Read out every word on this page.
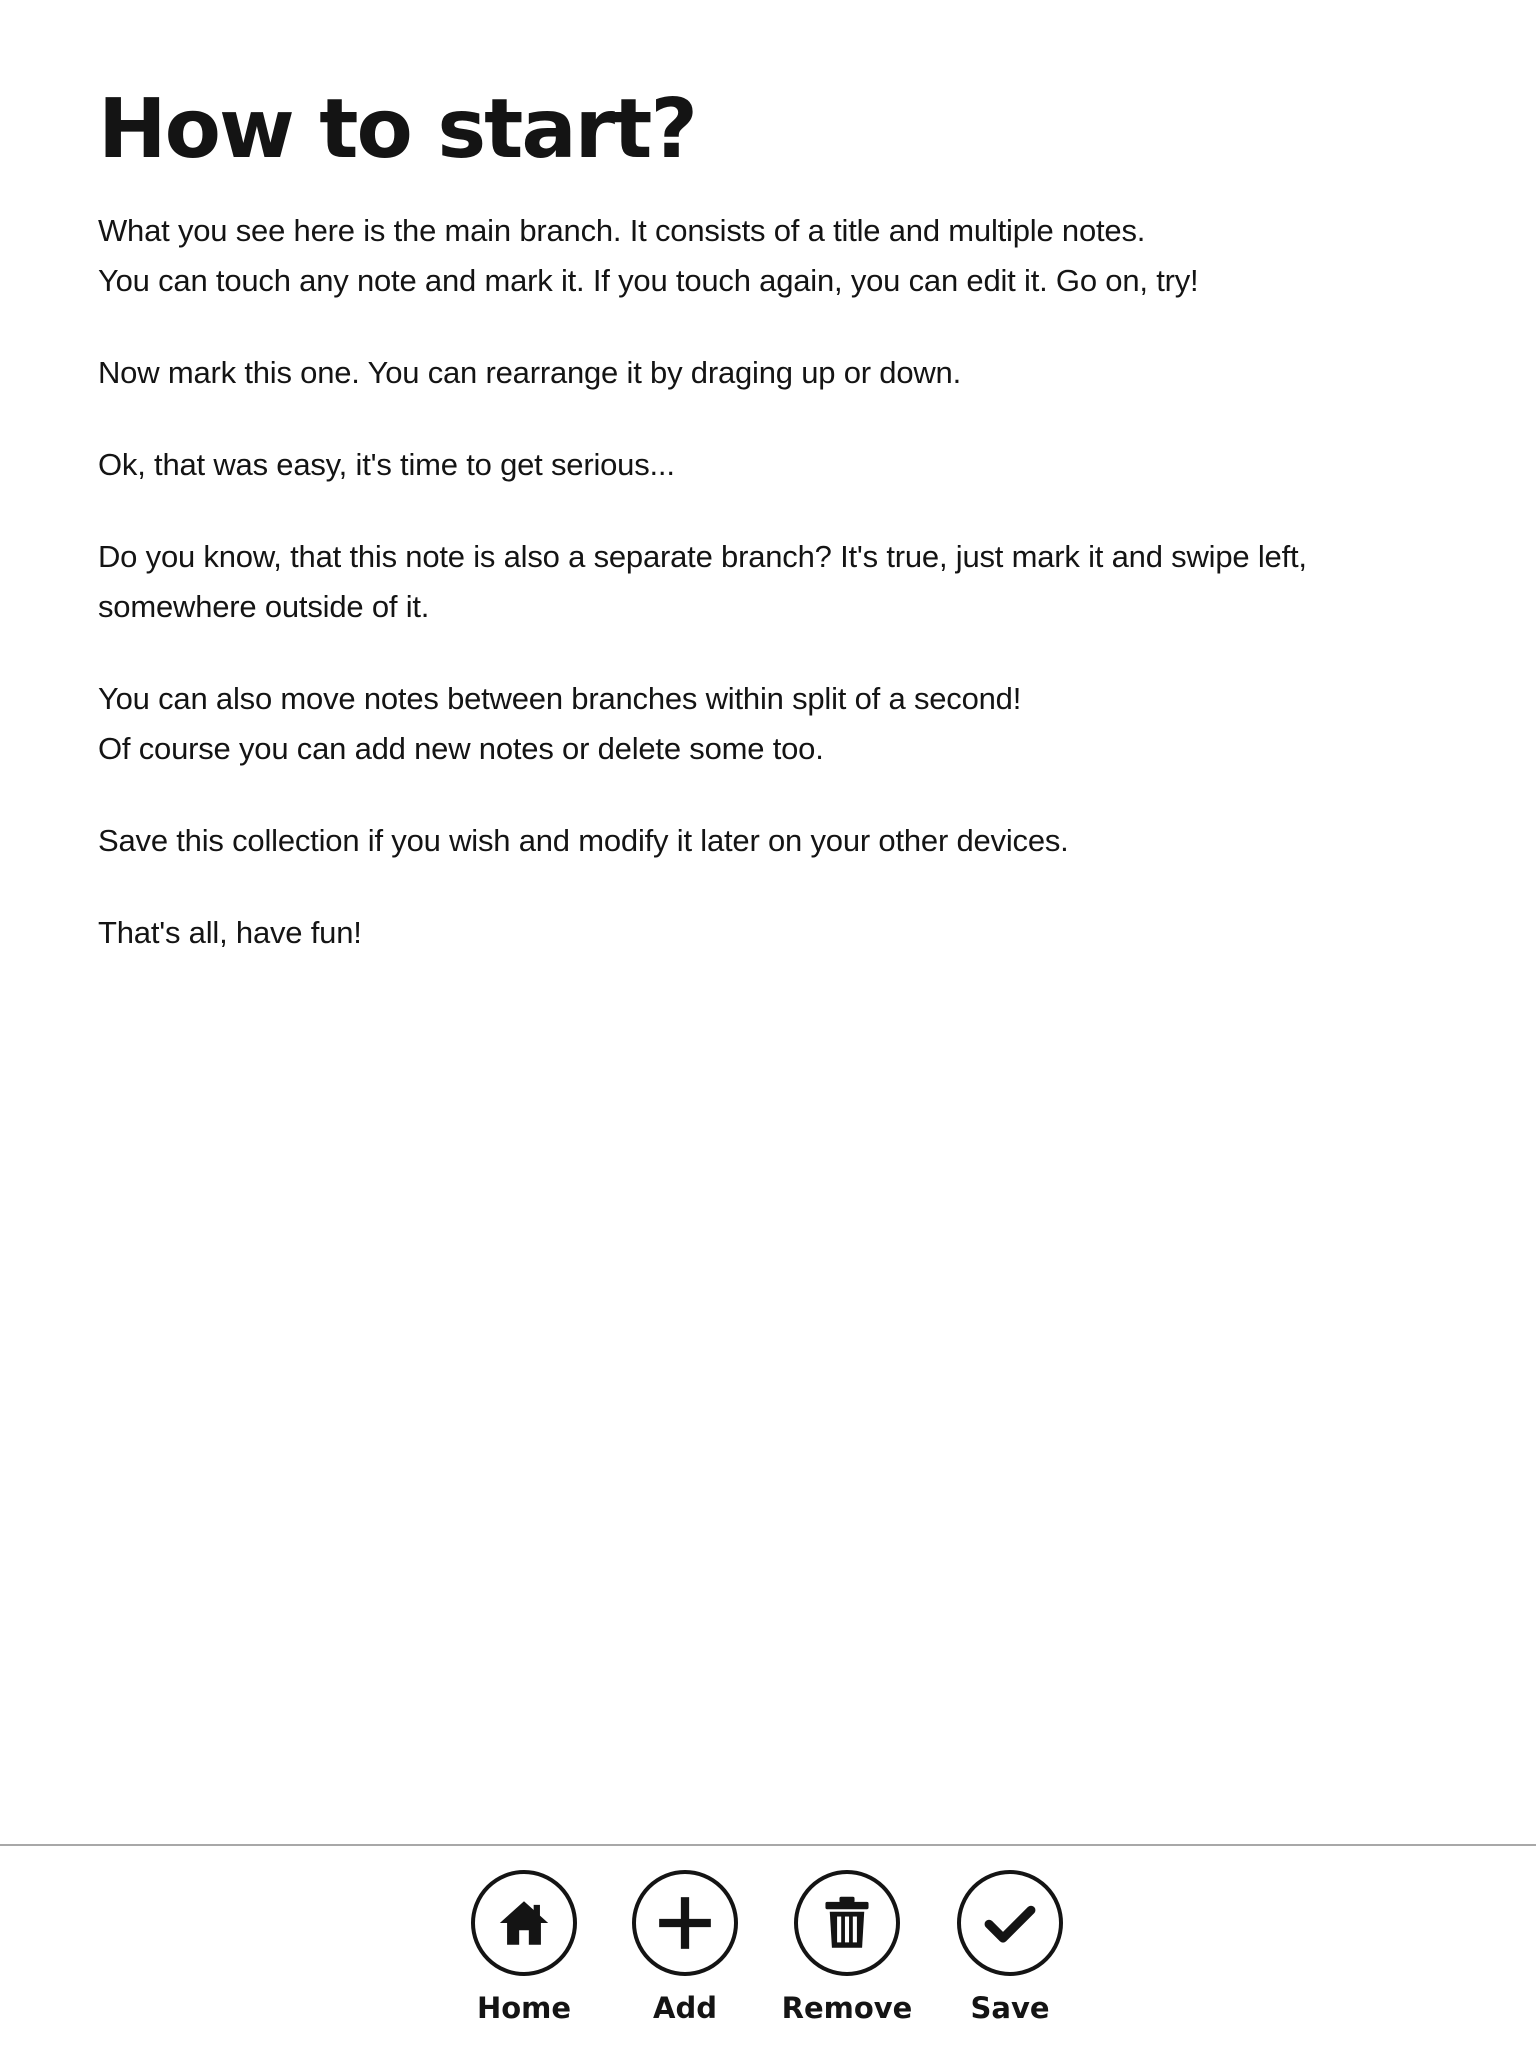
How to start?
What you see here is the main branch. It consists of a title and multiple notes.
You can touch any note and mark it. If you touch again, you can edit it. Go on, try!
Now mark this one. You can rearrange it by draging up or down.
Ok, that was easy, it's time to get serious...
Do you know, that this note is also a separate branch? It's true, just mark it and swipe left,
somewhere outside of it.
You can also move notes between branches within split of a second!
Of course you can add new notes or delete some too.
Save this collection if you wish and modify it later on your other devices.
That's all, have fun!
Home	Add Remove Save
